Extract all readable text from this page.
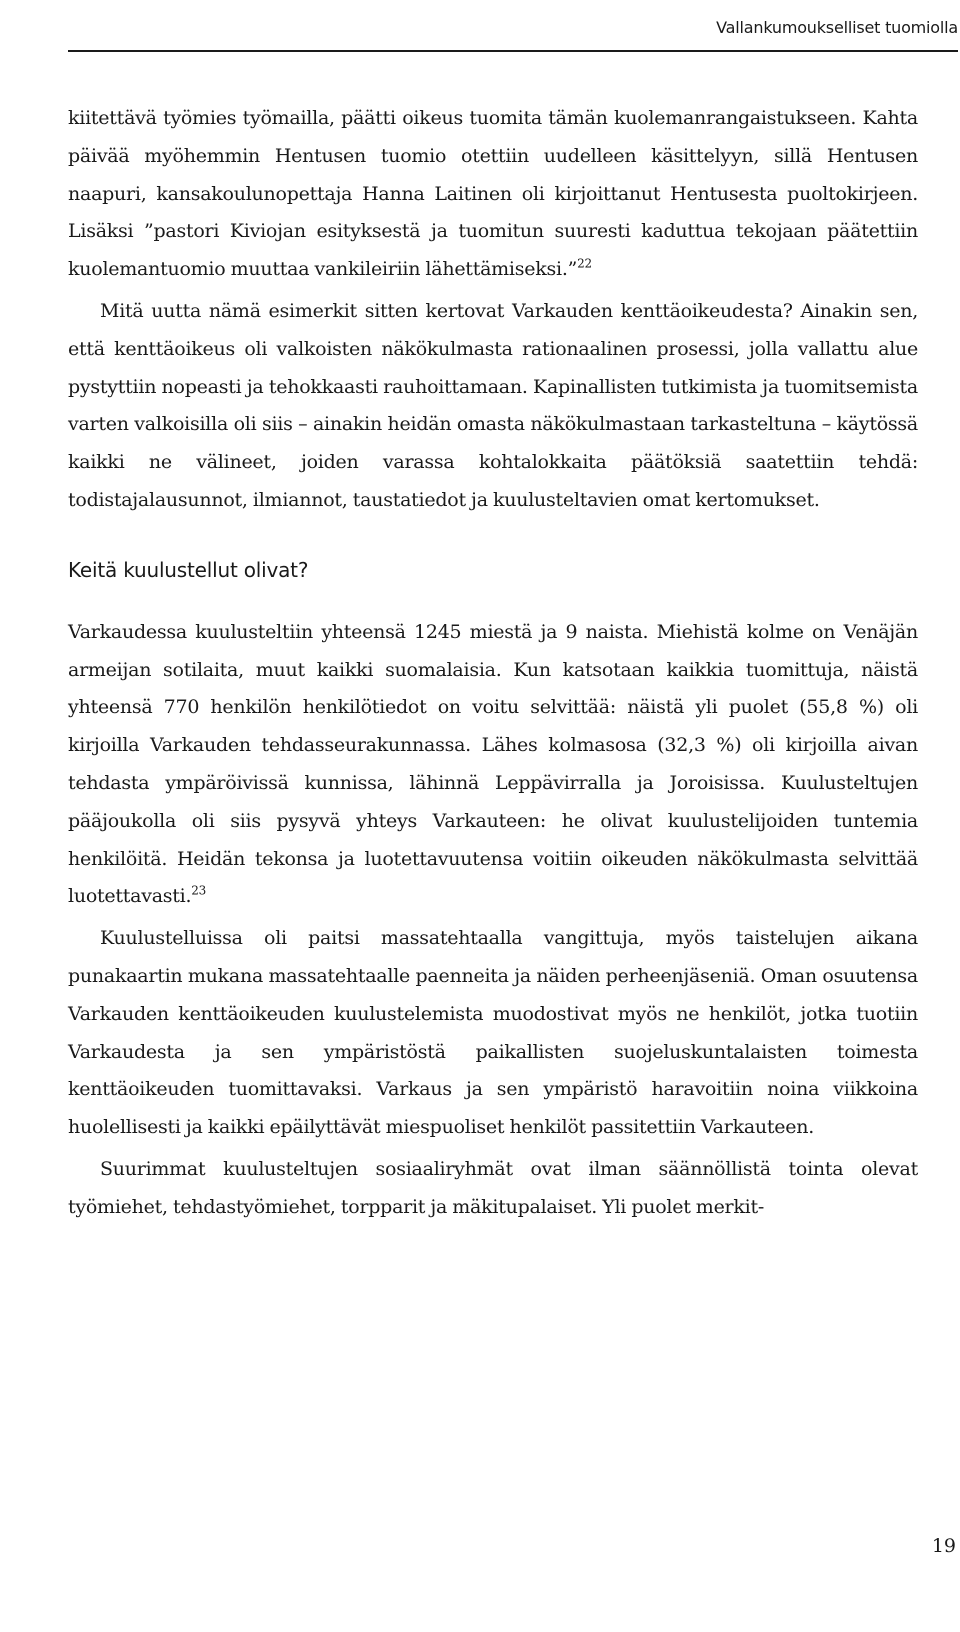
Vallankumoukselliset tuomiolla

kiitettävä työmies työmailla, päätti oikeus tuomita tämän kuolemanrangaistukseen. Kahta päivää myöhemmin Hentusen tuomio otettiin uudelleen käsittelyyn, sillä Hentusen naapuri, kansakoulunopettaja Hanna Laitinen oli kirjoittanut Hentusesta puoltokirjeen. Lisäksi ”pastori Kiviojan esityksestä ja tuomitun suuresti kaduttua tekojaan päätettiin kuolemantuomio muuttaa vankileiriin lähettämiseksi.”$^{22}$

Mitä uutta nämä esimerkit sitten kertovat Varkauden kenttäoikeudesta? Ainakin sen, että kenttäoikeus oli valkoisten näkökulmasta rationaalinen prosessi, jolla vallattu alue pystyttiin nopeasti ja tehokkaasti rauhoittamaan. Kapinallisten tutkimista ja tuomitsemista varten valkoisilla oli siis – ainakin heidän omasta näkökulmastaan tarkasteltuna – käytössä kaikki ne välineet, joiden varassa kohtalokkaita päätöksiä saatettiin tehdä: todistajalausunnot, ilmiannot, taustatiedot ja kuulusteltavien omat kertomukset.

Keitä kuulustellut olivat?

Varkaudessa kuulusteltiin yhteensä 1245 miestä ja 9 naista. Miehistä kolme on Venäjän armeijan sotilaita, muut kaikki suomalaisia. Kun katsotaan kaikkia tuomittuja, näistä yhteensä 770 henkilön henkilötiedot on voitu selvittää: näistä yli puolet (55,8 %) oli kirjoilla Varkauden tehdasseurakunnassa. Lähes kolmasosa (32,3 %) oli kirjoilla aivan tehdasta ympäröivissä kunnissa, lähinnä Leppävirralla ja Joroisissa. Kuulusteltujen pääjoukolla oli siis pysyvä yhteys Varkauteen: he olivat kuulustelijoiden tuntemia henkilöitä. Heidän tekonsa ja luotettavuutensa voitiin oikeuden näkökulmasta selvittää luotettavasti.$^{23}$

Kuulustelluissa oli paitsi massatehtaalla vangittuja, myös taistelujen aikana punakaartin mukana massatehtaalle paenneita ja näiden perheenjäseniä. Oman osuutensa Varkauden kenttäoikeuden kuulustelemista muodostivat myös ne henkilöt, jotka tuotiin Varkaudesta ja sen ympäristöstä paikallisten suojeluskuntalaisten toimesta kenttäoikeuden tuomittavaksi. Varkaus ja sen ympäristö haravoitiin noina viikkoina huolellisesti ja kaikki epäilyttävät miespuoliset henkilöt passitettiin Varkauteen.

Suurimmat kuulusteltujen sosiaaliryhmät ovat ilman säännöllistä tointa olevat työmiehet, tehdastyömiehet, torpparit ja mäkitupalaiset. Yli puolet merkit-

19
